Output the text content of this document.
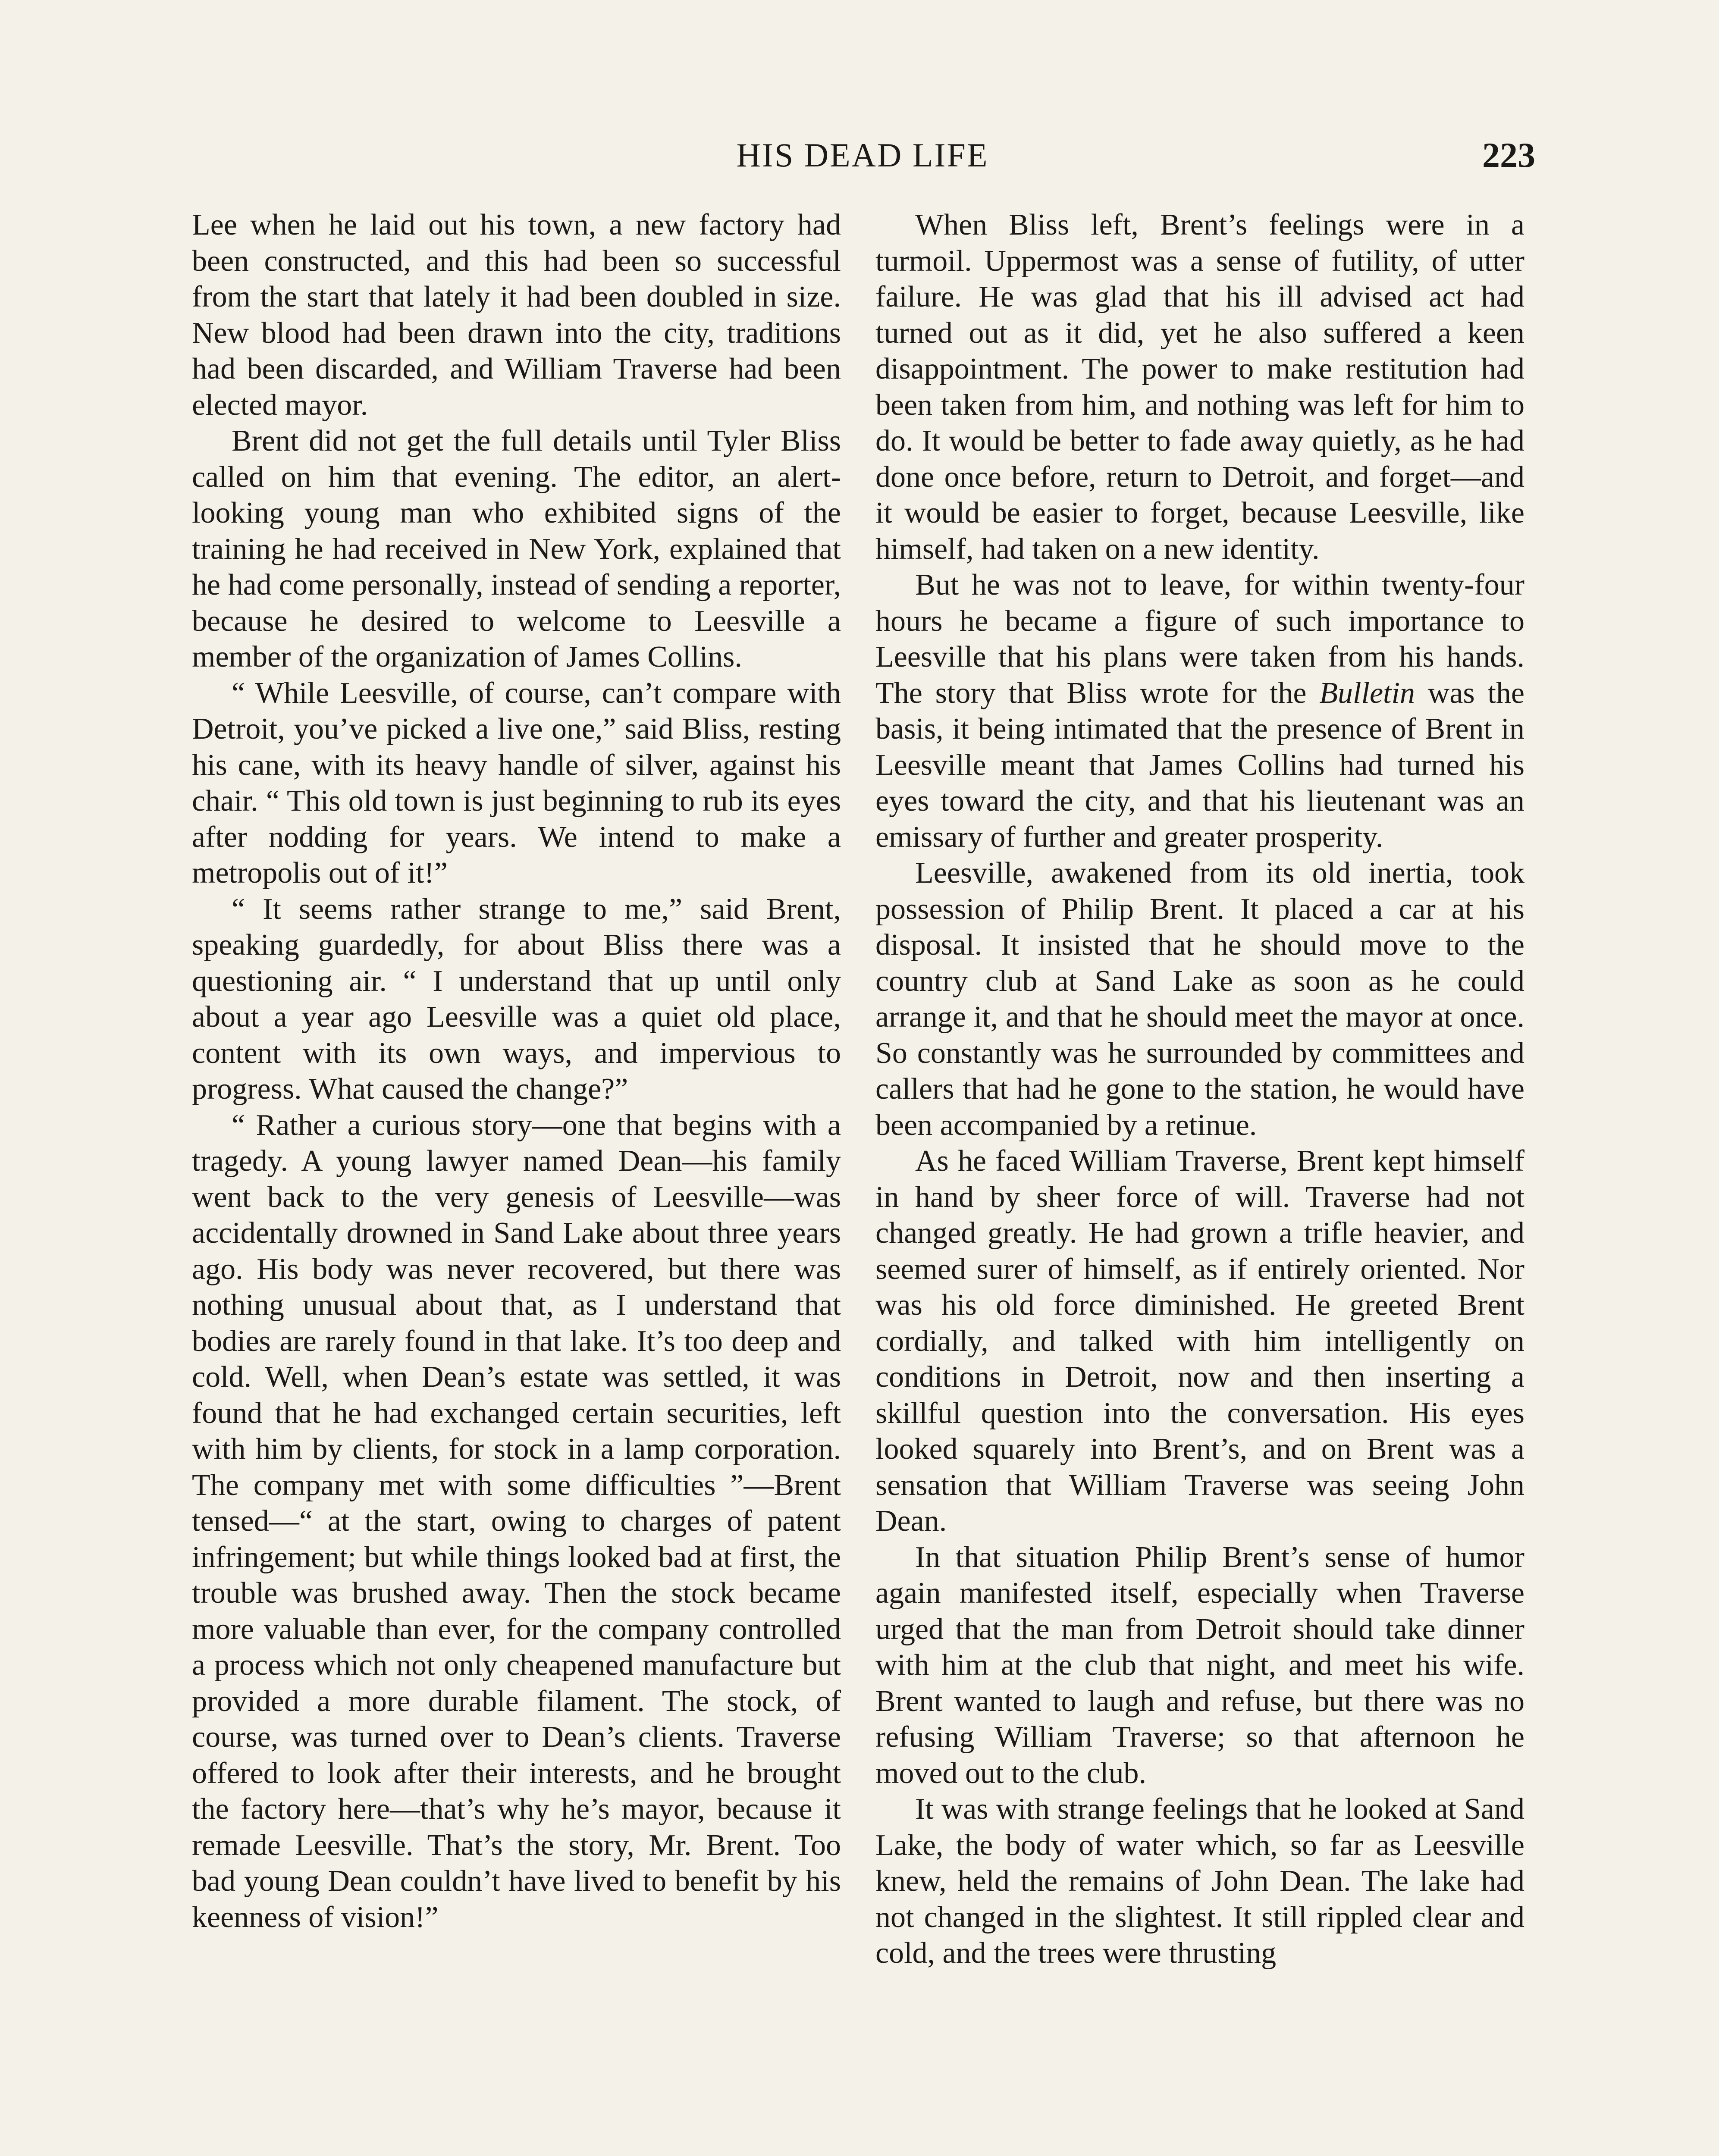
HIS DEAD LIFE	223

Lee when he laid out his town, a new factory had been constructed, and this had been so successful from the start that lately it had been doubled in size. New blood had been drawn into the city, traditions had been discarded, and William Traverse had been elected mayor.

Brent did not get the full details until Tyler Bliss called on him that evening. The editor, an alert-looking young man who exhibited signs of the training he had received in New York, explained that he had come personally, instead of sending a reporter, because he desired to welcome to Leesville a member of the organization of James Collins.

“ While Leesville, of course, can’t compare with Detroit, you’ve picked a live one,” said Bliss, resting his cane, with its heavy handle of silver, against his chair. “ This old town is just beginning to rub its eyes after nodding for years. We intend to make a metropolis out of it!”

“ It seems rather strange to me,” said Brent, speaking guardedly, for about Bliss there was a questioning air. “ I understand that up until only about a year ago Leesville was a quiet old place, content with its own ways, and impervious to progress. What caused the change?”

“ Rather a curious story—one that begins with a tragedy. A young lawyer named Dean—his family went back to the very genesis of Leesville—was accidentally drowned in Sand Lake about three years ago. His body was never recovered, but there was nothing unusual about that, as I understand that bodies are rarely found in that lake. It’s too deep and cold. Well, when Dean’s estate was settled, it was found that he had exchanged certain securities, left with him by clients, for stock in a lamp corporation. The company met with some difficulties ”—Brent tensed—“ at the start, owing to charges of patent infringement; but while things looked bad at first, the trouble was brushed away. Then the stock became more valuable than ever, for the company controlled a process which not only cheapened manufacture but provided a more durable filament. The stock, of course, was turned over to Dean’s clients. Traverse offered to look after their interests, and he brought the factory here—that’s why he’s mayor, because it remade Leesville. That’s the story, Mr. Brent. Too bad young Dean couldn’t have lived to benefit by his keenness of vision!”

When Bliss left, Brent’s feelings were in a turmoil. Uppermost was a sense of futility, of utter failure. He was glad that his ill advised act had turned out as it did, yet he also suffered a keen disappointment. The power to make restitution had been taken from him, and nothing was left for him to do. It would be better to fade away quietly, as he had done once before, return to Detroit, and forget—and it would be easier to forget, because Leesville, like himself, had taken on a new identity.

But he was not to leave, for within twenty-four hours he became a figure of such importance to Leesville that his plans were taken from his hands. The story that Bliss wrote for the Bulletin was the basis, it being intimated that the presence of Brent in Leesville meant that James Collins had turned his eyes toward the city, and that his lieutenant was an emissary of further and greater prosperity.

Leesville, awakened from its old inertia, took possession of Philip Brent. It placed a car at his disposal. It insisted that he should move to the country club at Sand Lake as soon as he could arrange it, and that he should meet the mayor at once. So constantly was he surrounded by committees and callers that had he gone to the station, he would have been accompanied by a retinue.

As he faced William Traverse, Brent kept himself in hand by sheer force of will. Traverse had not changed greatly. He had grown a trifle heavier, and seemed surer of himself, as if entirely oriented. Nor was his old force diminished. He greeted Brent cordially, and talked with him intelligently on conditions in Detroit, now and then inserting a skillful question into the conversation. His eyes looked squarely into Brent’s, and on Brent was a sensation that William Traverse was seeing John Dean.

In that situation Philip Brent’s sense of humor again manifested itself, especially when Traverse urged that the man from Detroit should take dinner with him at the club that night, and meet his wife. Brent wanted to laugh and refuse, but there was no refusing William Traverse; so that afternoon he moved out to the club.

It was with strange feelings that he looked at Sand Lake, the body of water which, so far as Leesville knew, held the remains of John Dean. The lake had not changed in the slightest. It still rippled clear and cold, and the trees were thrusting
